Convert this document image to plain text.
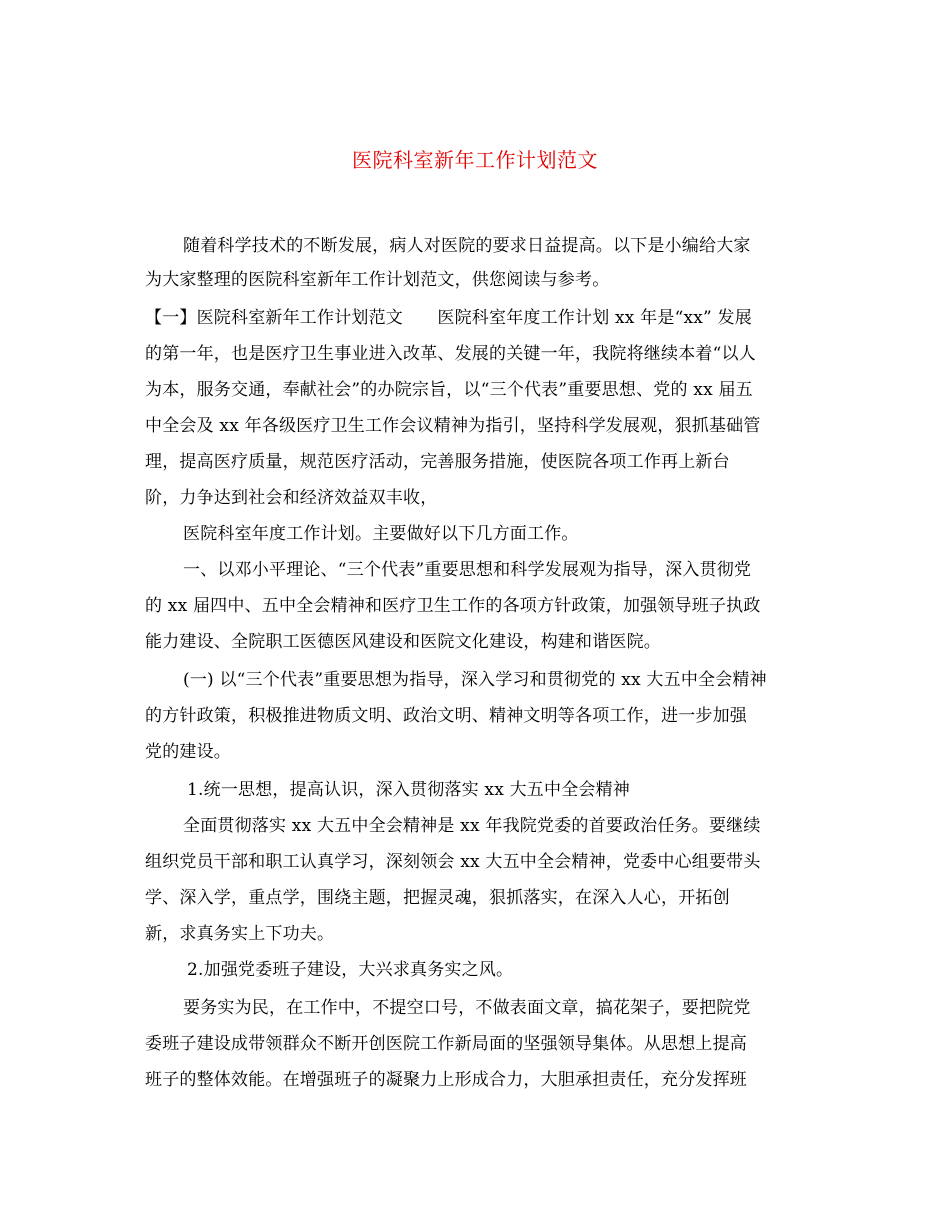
医院科室新年工作计划范文
随着科学技术的不断发展，病人对医院的要求日益提高。以下是小编给大家
为大家整理的医院科室新年工作计划范文，供您阅读与参考。
【一】医院科室新年工作计划范文　　医院科室年度工作计划 xx 年是“xx” 发展
的第一年，也是医疗卫生事业进入改革、发展的关键一年，我院将继续本着“以人
为本，服务交通，奉献社会”的办院宗旨，以“三个代表”重要思想、党的 xx 届五
中全会及 xx 年各级医疗卫生工作会议精神为指引，坚持科学发展观，狠抓基础管
理，提高医疗质量，规范医疗活动，完善服务措施，使医院各项工作再上新台
阶，力争达到社会和经济效益双丰收，
医院科室年度工作计划。主要做好以下几方面工作。
一、以邓小平理论、“三个代表”重要思想和科学发展观为指导，深入贯彻党
的 xx 届四中、五中全会精神和医疗卫生工作的各项方针政策，加强领导班子执政
能力建设、全院职工医德医风建设和医院文化建设，构建和谐医院。
(一) 以“三个代表”重要思想为指导，深入学习和贯彻党的 xx 大五中全会精神
的方针政策，积极推进物质文明、政治文明、精神文明等各项工作，进一步加强
党的建设。
1.统一思想，提高认识，深入贯彻落实 xx 大五中全会精神
全面贯彻落实 xx 大五中全会精神是 xx 年我院党委的首要政治任务。要继续
组织党员干部和职工认真学习，深刻领会 xx 大五中全会精神，党委中心组要带头
学、深入学，重点学，围绕主题，把握灵魂，狠抓落实，在深入人心，开拓创
新，求真务实上下功夫。
2.加强党委班子建设，大兴求真务实之风。
要务实为民，在工作中，不提空口号，不做表面文章，搞花架子，要把院党
委班子建设成带领群众不断开创医院工作新局面的坚强领导集体。从思想上提高
班子的整体效能。在增强班子的凝聚力上形成合力，大胆承担责任，充分发挥班
